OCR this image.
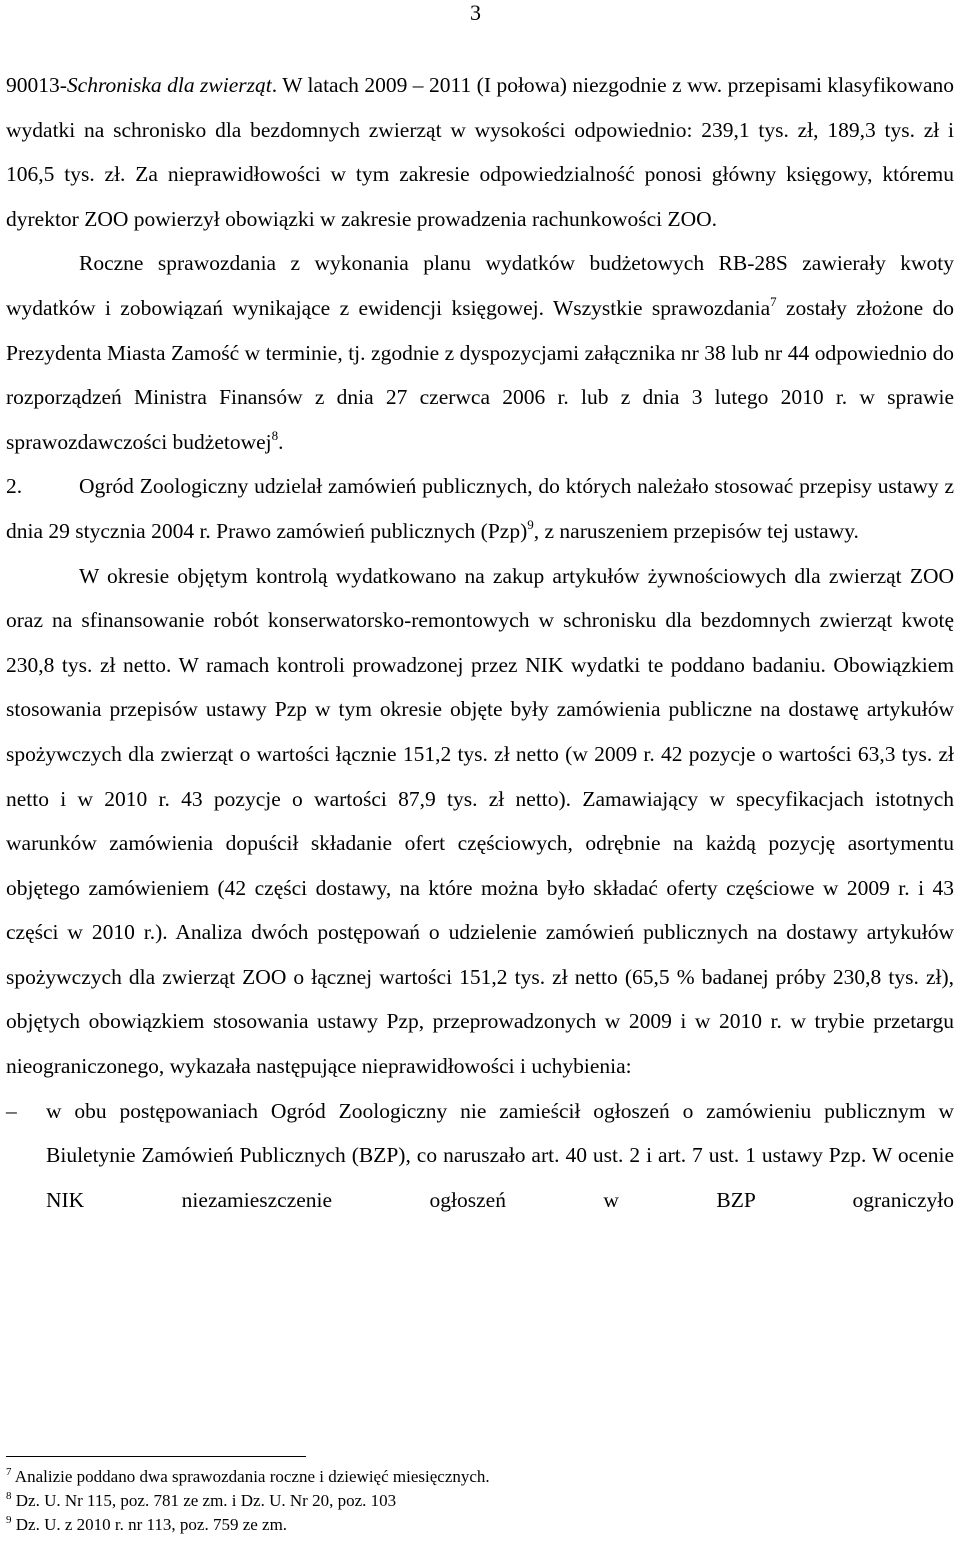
3

90013-Schroniska dla zwierząt. W latach 2009 – 2011 (I połowa) niezgodnie z ww. przepisami klasyfikowano wydatki na schronisko dla bezdomnych zwierząt w wysokości odpowiednio: 239,1 tys. zł, 189,3 tys. zł i 106,5 tys. zł. Za nieprawidłowości w tym zakresie odpowiedzialność ponosi główny księgowy, któremu dyrektor ZOO powierzył obowiązki w zakresie prowadzenia rachunkowości ZOO.

Roczne sprawozdania z wykonania planu wydatków budżetowych RB-28S zawierały kwoty wydatków i zobowiązań wynikające z ewidencji księgowej. Wszystkie sprawozdania$^7$ zostały złożone do Prezydenta Miasta Zamość w terminie, tj. zgodnie z dyspozycjami załącznika nr 38 lub nr 44 odpowiednio do rozporządzeń Ministra Finansów z dnia 27 czerwca 2006 r. lub z dnia 3 lutego 2010 r. w sprawie sprawozdawczości budżetowej$^8$.

2.	Ogród Zoologiczny udzielał zamówień publicznych, do których należało stosować przepisy ustawy z dnia 29 stycznia 2004 r. Prawo zamówień publicznych (Pzp)$^9$, z naruszeniem przepisów tej ustawy.

W okresie objętym kontrolą wydatkowano na zakup artykułów żywnościowych dla zwierząt ZOO oraz na sfinansowanie robót konserwatorsko-remontowych w schronisku dla bezdomnych zwierząt kwotę 230,8 tys. zł netto. W ramach kontroli prowadzonej przez NIK wydatki te poddano badaniu. Obowiązkiem stosowania przepisów ustawy Pzp w tym okresie objęte były zamówienia publiczne na dostawę artykułów spożywczych dla zwierząt o wartości łącznie 151,2 tys. zł netto (w 2009 r. 42 pozycje o wartości 63,3 tys. zł netto i w 2010 r. 43 pozycje o wartości 87,9 tys. zł netto). Zamawiający w specyfikacjach istotnych warunków zamówienia dopuścił składanie ofert częściowych, odrębnie na każdą pozycję asortymentu objętego zamówieniem (42 części dostawy, na które można było składać oferty częściowe w 2009 r. i 43 części w 2010 r.). Analiza dwóch postępowań o udzielenie zamówień publicznych na dostawy artykułów spożywczych dla zwierząt ZOO o łącznej wartości 151,2 tys. zł netto (65,5 % badanej próby 230,8 tys. zł), objętych obowiązkiem stosowania ustawy Pzp, przeprowadzonych w 2009 i w 2010 r. w trybie przetargu nieograniczonego, wykazała następujące nieprawidłowości i uchybienia:

–	w obu postępowaniach Ogród Zoologiczny nie zamieścił ogłoszeń o zamówieniu publicznym w Biuletynie Zamówień Publicznych (BZP), co naruszało art. 40 ust. 2 i art. 7 ust. 1 ustawy Pzp. W ocenie NIK niezamieszczenie ogłoszeń w BZP ograniczyło

$^7$ Analizie poddano dwa sprawozdania roczne i dziewięć miesięcznych.

$^8$ Dz. U. Nr 115, poz. 781 ze zm. i Dz. U. Nr 20, poz. 103

$^9$ Dz. U. z 2010 r. nr 113, poz. 759 ze zm.
